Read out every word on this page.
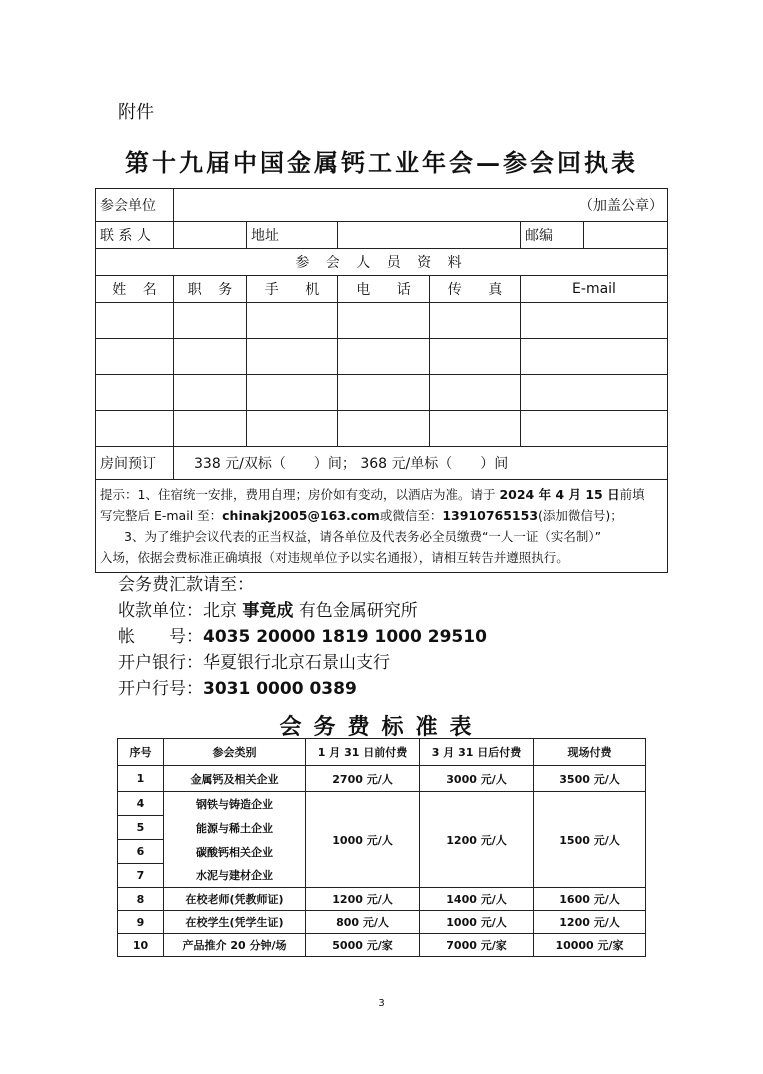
附件
第十九届中国金属钙工业年会—参会回执表
参会单位	（加盖公章）					
联 系 人		地址			邮编	
参 会 人 员 资 料						
姓 名	职 务	手 机	电 话	传 真	E-mail	

房间预订	338 元/双标（　　）间； 368 元/单标（　　）间					

提示：1、住宿统一安排，费用自理；房价如有变动，以酒店为准。请于 2024 年 4 月 15 日前填
写完整后 E-mail 至：chinakj2005@163.com或微信至：13910765153(添加微信号)；
3、为了维护会议代表的正当权益，请各单位及代表务必全员缴费“一人一证（实名制）”
入场，依据会费标准正确填报（对违规单位予以实名通报），请相互转告并遵照执行。						
会务费汇款请至：
收款单位：北京 事竟成 有色金属研究所
帐　　号：4035 20000 1819 1000 29510
开户银行：华夏银行北京石景山支行
开户行号：3031 0000 0389
会务费标准表
序号	参会类别	1 月 31 日前付费	3 月 31 日后付费	现场付费
1	金属钙及相关企业	2700 元/人	3000 元/人	3500 元/人
4	钢铁与铸造企业	1000 元/人	1200 元/人	1500 元/人
5	能源与稀土企业			
6	碳酸钙相关企业			
7	水泥与建材企业			
8	在校老师(凭教师证)	1200 元/人	1400 元/人	1600 元/人
9	在校学生(凭学生证)	800 元/人	1000 元/人	1200 元/人
10	产品推介 20 分钟/场	5000 元/家	7000 元/家	10000 元/家
3
